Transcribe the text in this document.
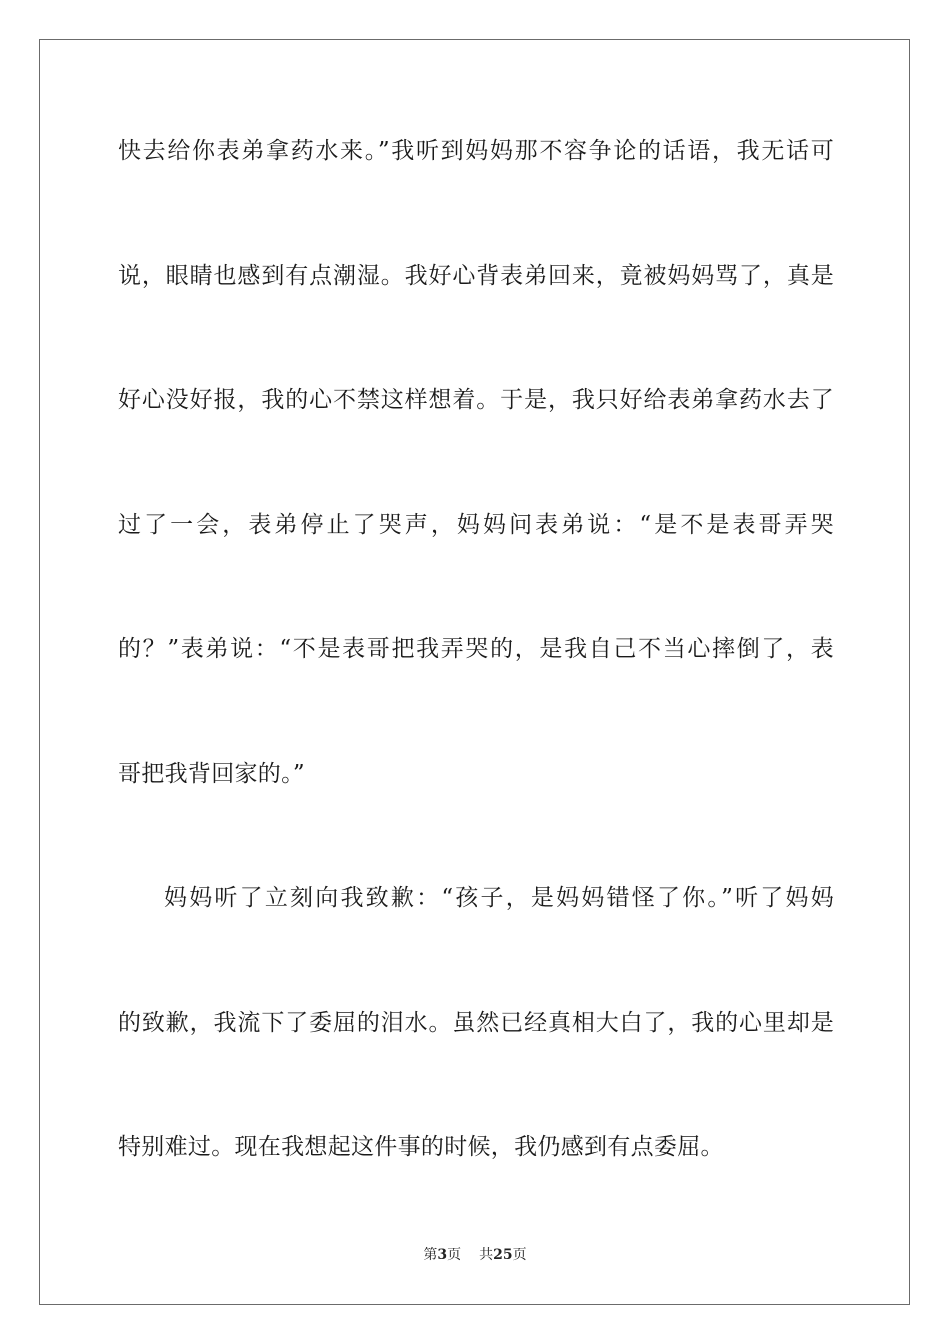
快去给你表弟拿药水来。”我听到妈妈那不容争论的话语，我无话可
说，眼睛也感到有点潮湿。我好心背表弟回来，竟被妈妈骂了，真是
好心没好报，我的心不禁这样想着。于是，我只好给表弟拿药水去了
过了一会，表弟停止了哭声，妈妈问表弟说：“是不是表哥弄哭
的？”表弟说：“不是表哥把我弄哭的，是我自己不当心摔倒了，表
哥把我背回家的。”
妈妈听了立刻向我致歉：“孩子，是妈妈错怪了你。”听了妈妈
的致歉，我流下了委屈的泪水。虽然已经真相大白了，我的心里却是
特别难过。现在我想起这件事的时候，我仍感到有点委屈。
第3页 共25页
